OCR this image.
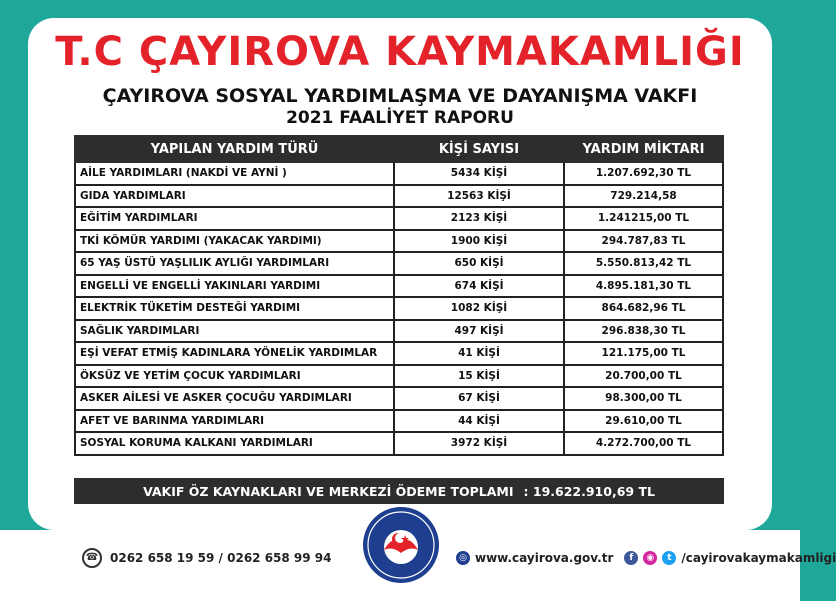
T.C ÇAYIROVA KAYMAKAMLIĞI
ÇAYIROVA SOSYAL YARDIMLAŞMA VE DAYANIŞMA VAKFI
2021 FAALİYET RAPORU
YAPILAN YARDIM TÜRÜ	KİŞİ SAYISI	YARDIM MİKTARI
AİLE YARDIMLARI (NAKDİ VE AYNİ )	5434 KİŞİ	1.207.692,30 TL
GIDA YARDIMLARI	12563 KİŞİ	729.214,58
EĞİTİM YARDIMLARI	2123 KİŞİ	1.241215,00 TL
TKİ KÖMÜR YARDIMI (YAKACAK YARDIMI)	1900 KİŞİ	294.787,83 TL
65 YAŞ ÜSTÜ YAŞLILIK AYLIĞI YARDIMLARI	650 KİŞİ	5.550.813,42 TL
ENGELLİ VE ENGELLİ YAKINLARI YARDIMI	674 KİŞİ	4.895.181,30 TL
ELEKTRİK TÜKETİM DESTEĞİ YARDIMI	1082 KİŞİ	864.682,96 TL
SAĞLIK YARDIMLARI	497 KİŞİ	296.838,30 TL
EŞİ VEFAT ETMİŞ KADINLARA YÖNELİK YARDIMLAR	41 KİŞİ	121.175,00 TL
ÖKSÜZ VE YETİM ÇOCUK YARDIMLARI	15 KİŞİ	20.700,00 TL
ASKER AİLESİ VE ASKER ÇOCUĞU YARDIMLARI	67 KİŞİ	98.300,00 TL
AFET VE BARINMA YARDIMLARI	44 KİŞİ	29.610,00 TL
SOSYAL KORUMA KALKANI YARDIMLARI	3972 KİŞİ	4.272.700,00 TL
VAKIF ÖZ KAYNAKLARI VE MERKEZİ ÖDEME TOPLAMI : 19.622.910,69 TL
☎ 0262 658 19 59 / 0262 658 99 94	◎ www.cayirova.gov.tr	f	◉	t /cayirovakaymakamligi
